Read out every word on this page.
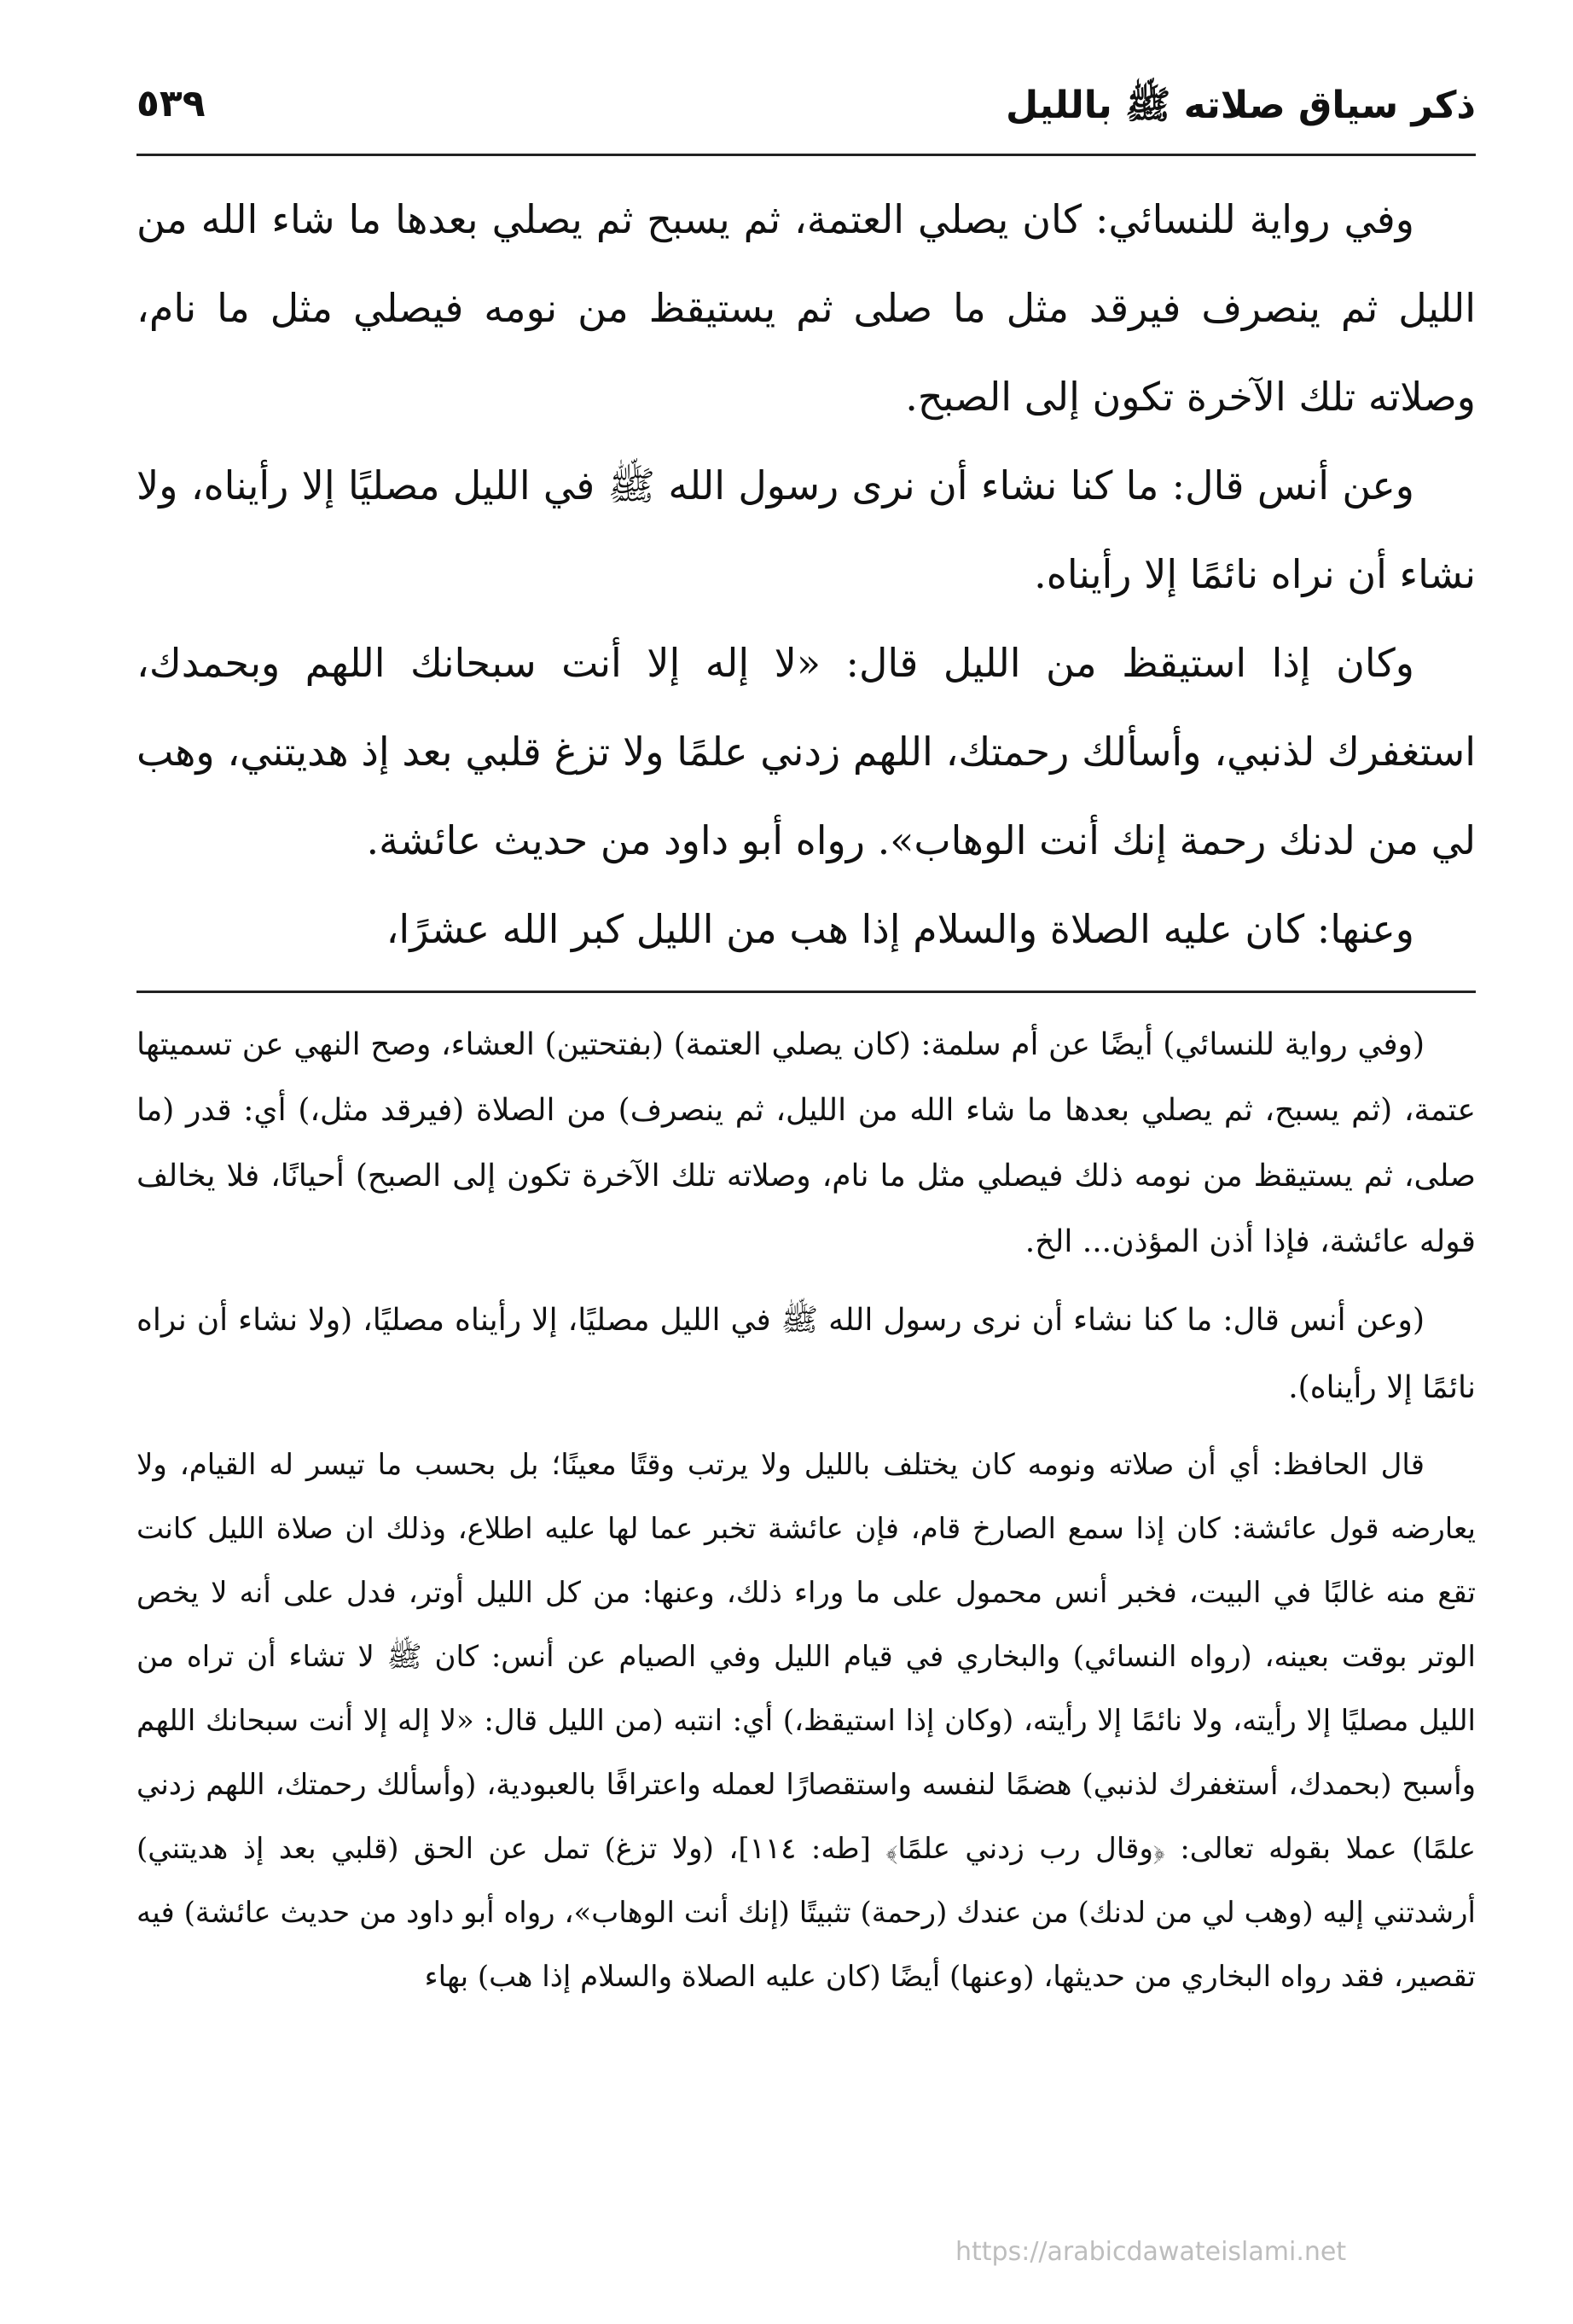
ذكر سياق صلاته ﷺ بالليل
٥٣٩

وفي رواية للنسائي: كان يصلي العتمة، ثم يسبح ثم يصلي بعدها ما شاء الله من الليل ثم ينصرف فيرقد مثل ما صلى ثم يستيقظ من نومه فيصلي مثل ما نام، وصلاته تلك الآخرة تكون إلى الصبح.

وعن أنس قال: ما كنا نشاء أن نرى رسول الله ﷺ في الليل مصليًا إلا رأيناه، ولا نشاء أن نراه نائمًا إلا رأيناه.

وكان إذا استيقظ من الليل قال: «لا إله إلا أنت سبحانك اللهم وبحمدك، استغفرك لذنبي، وأسألك رحمتك، اللهم زدني علمًا ولا تزغ قلبي بعد إذ هديتني، وهب لي من لدنك رحمة إنك أنت الوهاب». رواه أبو داود من حديث عائشة.

وعنها: كان عليه الصلاة والسلام إذا هب من الليل كبر الله عشرًا،

(وفي رواية للنسائي) أيضًا عن أم سلمة: (كان يصلي العتمة) (بفتحتين) العشاء، وصح النهي عن تسميتها عتمة، (ثم يسبح، ثم يصلي بعدها ما شاء الله من الليل، ثم ينصرف) من الصلاة (فيرقد مثل،) أي: قدر (ما صلى، ثم يستيقظ من نومه ذلك فيصلي مثل ما نام، وصلاته تلك الآخرة تكون إلى الصبح) أحيانًا، فلا يخالف قوله عائشة، فإذا أذن المؤذن... الخ.

(وعن أنس قال: ما كنا نشاء أن نرى رسول الله ﷺ في الليل مصليًا، إلا رأيناه مصليًا، (ولا نشاء أن نراه نائمًا إلا رأيناه).

قال الحافظ: أي أن صلاته ونومه كان يختلف بالليل ولا يرتب وقتًا معينًا؛ بل بحسب ما تيسر له القيام، ولا يعارضه قول عائشة: كان إذا سمع الصارخ قام، فإن عائشة تخبر عما لها عليه اطلاع، وذلك ان صلاة الليل كانت تقع منه غالبًا في البيت، فخبر أنس محمول على ما وراء ذلك، وعنها: من كل الليل أوتر، فدل على أنه لا يخص الوتر بوقت بعينه، (رواه النسائي) والبخاري في قيام الليل وفي الصيام عن أنس: كان ﷺ لا تشاء أن تراه من الليل مصليًا إلا رأيته، ولا نائمًا إلا رأيته، (وكان إذا استيقظ،) أي: انتبه (من الليل قال: «لا إله إلا أنت سبحانك اللهم وأسبح (بحمدك، أستغفرك لذنبي) هضمًا لنفسه واستقصارًا لعمله واعترافًا بالعبودية، (وأسألك رحمتك، اللهم زدني علمًا) عملا بقوله تعالى: ﴿وقال رب زدني علمًا﴾ [طه: ١١٤]، (ولا تزغ) تمل عن الحق (قلبي بعد إذ هديتني) أرشدتني إليه (وهب لي من لدنك) من عندك (رحمة) تثبيتًا (إنك أنت الوهاب»، رواه أبو داود من حديث عائشة) فيه تقصير، فقد رواه البخاري من حديثها، (وعنها) أيضًا (كان عليه الصلاة والسلام إذا هب) بهاء

https://arabicdawateislami.net
